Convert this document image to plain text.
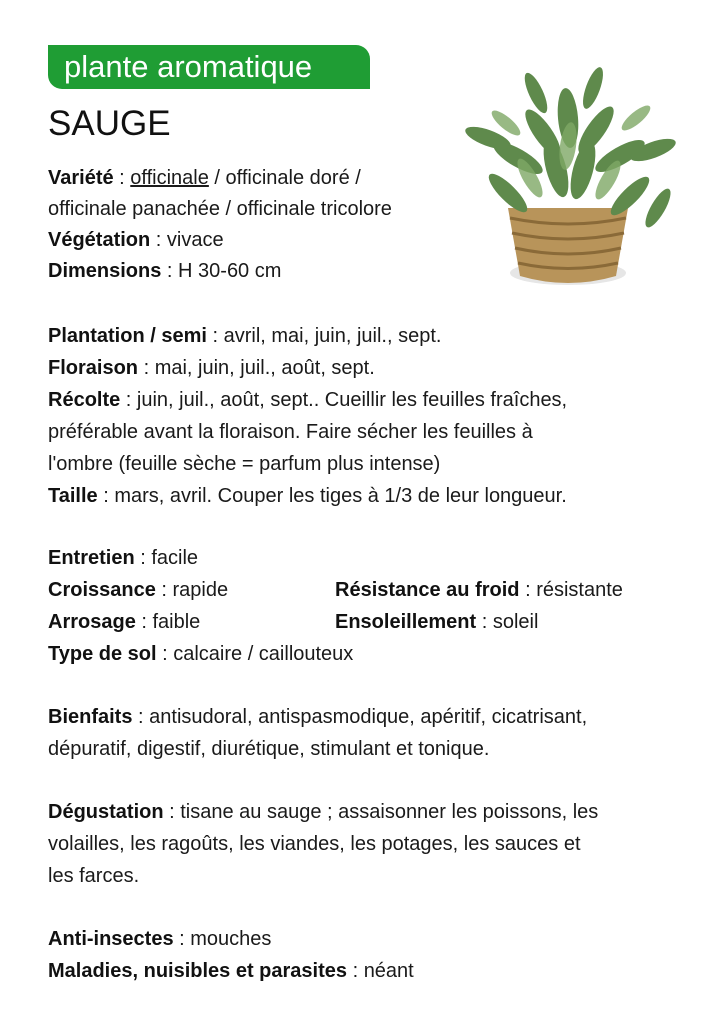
plante aromatique
SAUGE
Variété : officinale / officinale doré /
officinale panachée / officinale tricolore
Végétation : vivace
Dimensions : H 30-60 cm
Plantation / semi : avril, mai, juin, juil., sept.
Floraison : mai, juin, juil., août, sept.
Récolte : juin, juil., août, sept.. Cueillir les feuilles fraîches,
préférable avant la floraison. Faire sécher les feuilles à
l'ombre (feuille sèche = parfum plus intense)
Taille : mars, avril. Couper les tiges à 1/3 de leur longueur.
Entretien : facile
Croissance : rapide	Résistance au froid : résistante
Arrosage : faible	Ensoleillement : soleil
Type de sol : calcaire / caillouteux
Bienfaits : antisudoral, antispasmodique, apéritif, cicatrisant,
dépuratif, digestif, diurétique, stimulant et tonique.
Dégustation : tisane au sauge ; assaisonner les poissons, les
volailles, les ragoûts, les viandes, les potages, les sauces et
les farces.
Anti-insectes : mouches
Maladies, nuisibles et parasites : néant
